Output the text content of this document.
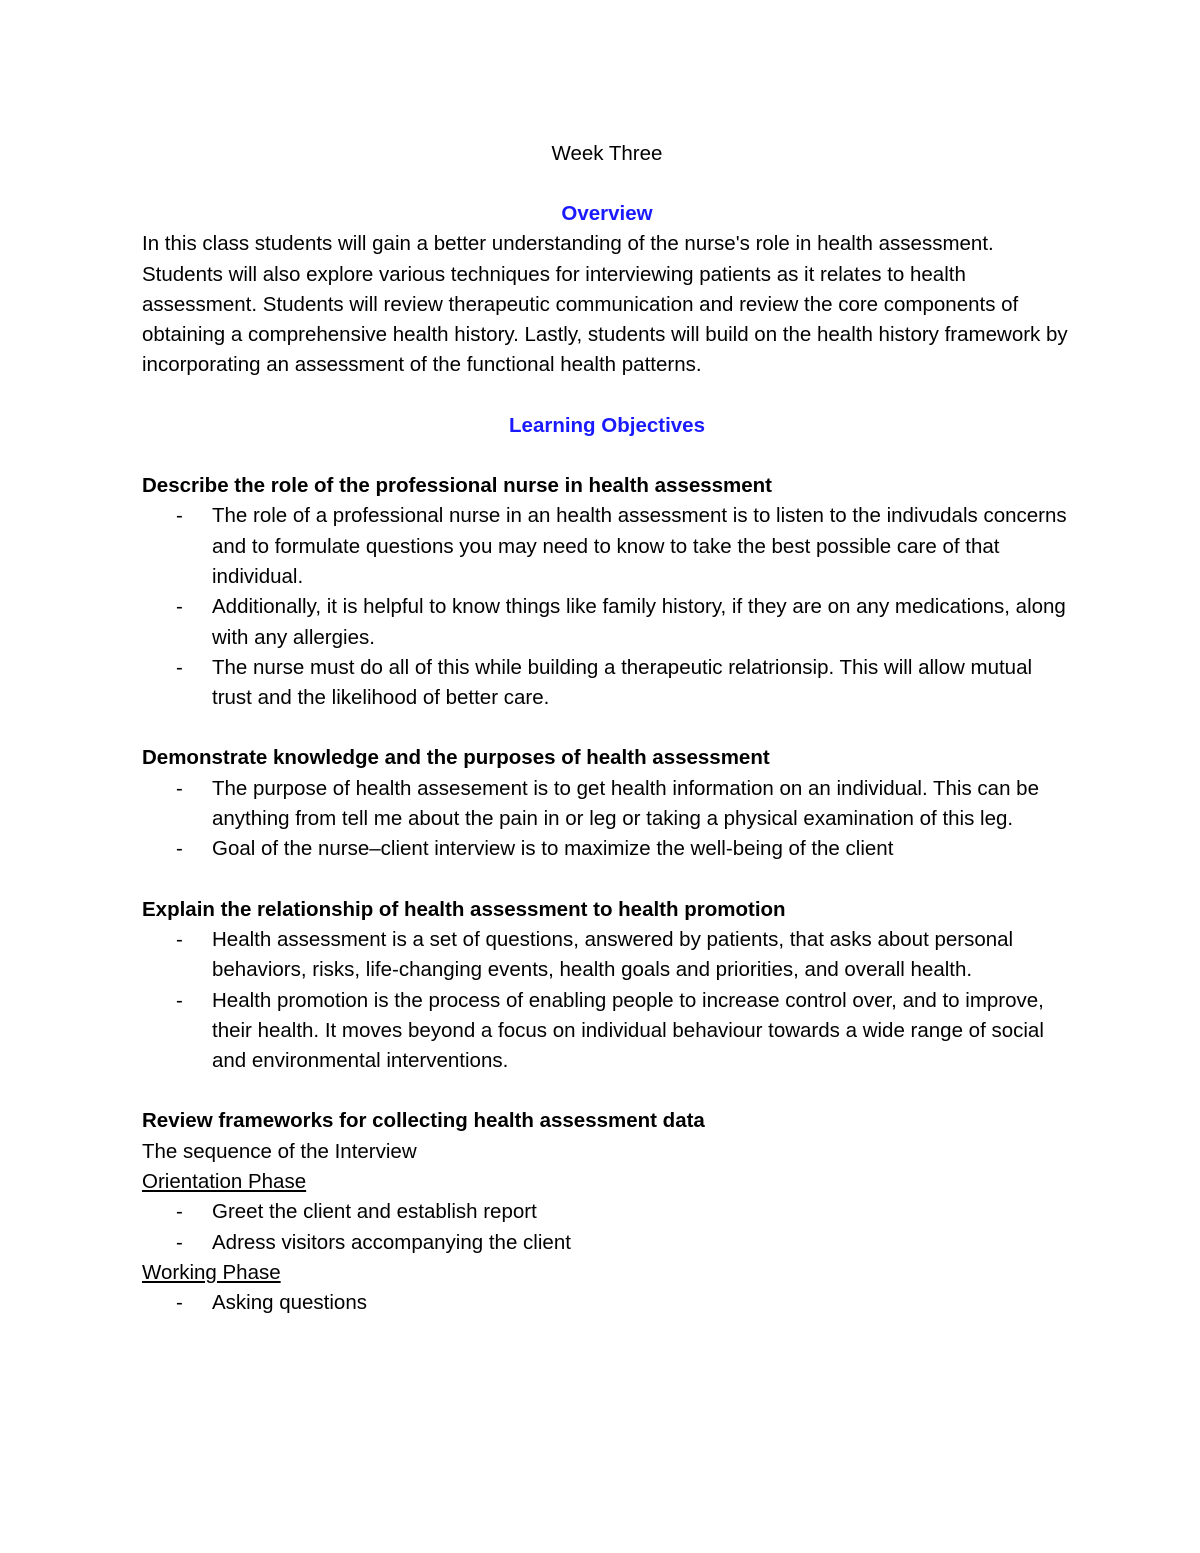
Week Three

Overview

In this class students will gain a better understanding of the nurse's role in health assessment. Students will also explore various techniques for interviewing patients as it relates to health assessment. Students will review therapeutic communication and review the core components of obtaining a comprehensive health history. Lastly, students will build on the health history framework by incorporating an assessment of the functional health patterns.

Learning Objectives

Describe the role of the professional nurse in health assessment

- The role of a professional nurse in an health assessment is to listen to the indivudals concerns and to formulate questions you may need to know to take the best possible care of that individual.
- Additionally, it is helpful to know things like family history, if they are on any medications, along with any allergies.
- The nurse must do all of this while building a therapeutic relatrionsip. This will allow mutual trust and the likelihood of better care.

Demonstrate knowledge and the purposes of health assessment

- The purpose of health assesement is to get health information on an individual. This can be anything from tell me about the pain in or leg or taking a physical examination of this leg.
- Goal of the nurse–client interview is to maximize the well-being of the client

Explain the relationship of health assessment to health promotion

- Health assessment is a set of questions, answered by patients, that asks about personal behaviors, risks, life-changing events, health goals and priorities, and overall health.
- Health promotion is the process of enabling people to increase control over, and to improve, their health. It moves beyond a focus on individual behaviour towards a wide range of social and environmental interventions.

Review frameworks for collecting health assessment data

The sequence of the Interview

Orientation Phase

- Greet the client and establish report
- Adress visitors accompanying the client

Working Phase

- Asking questions
